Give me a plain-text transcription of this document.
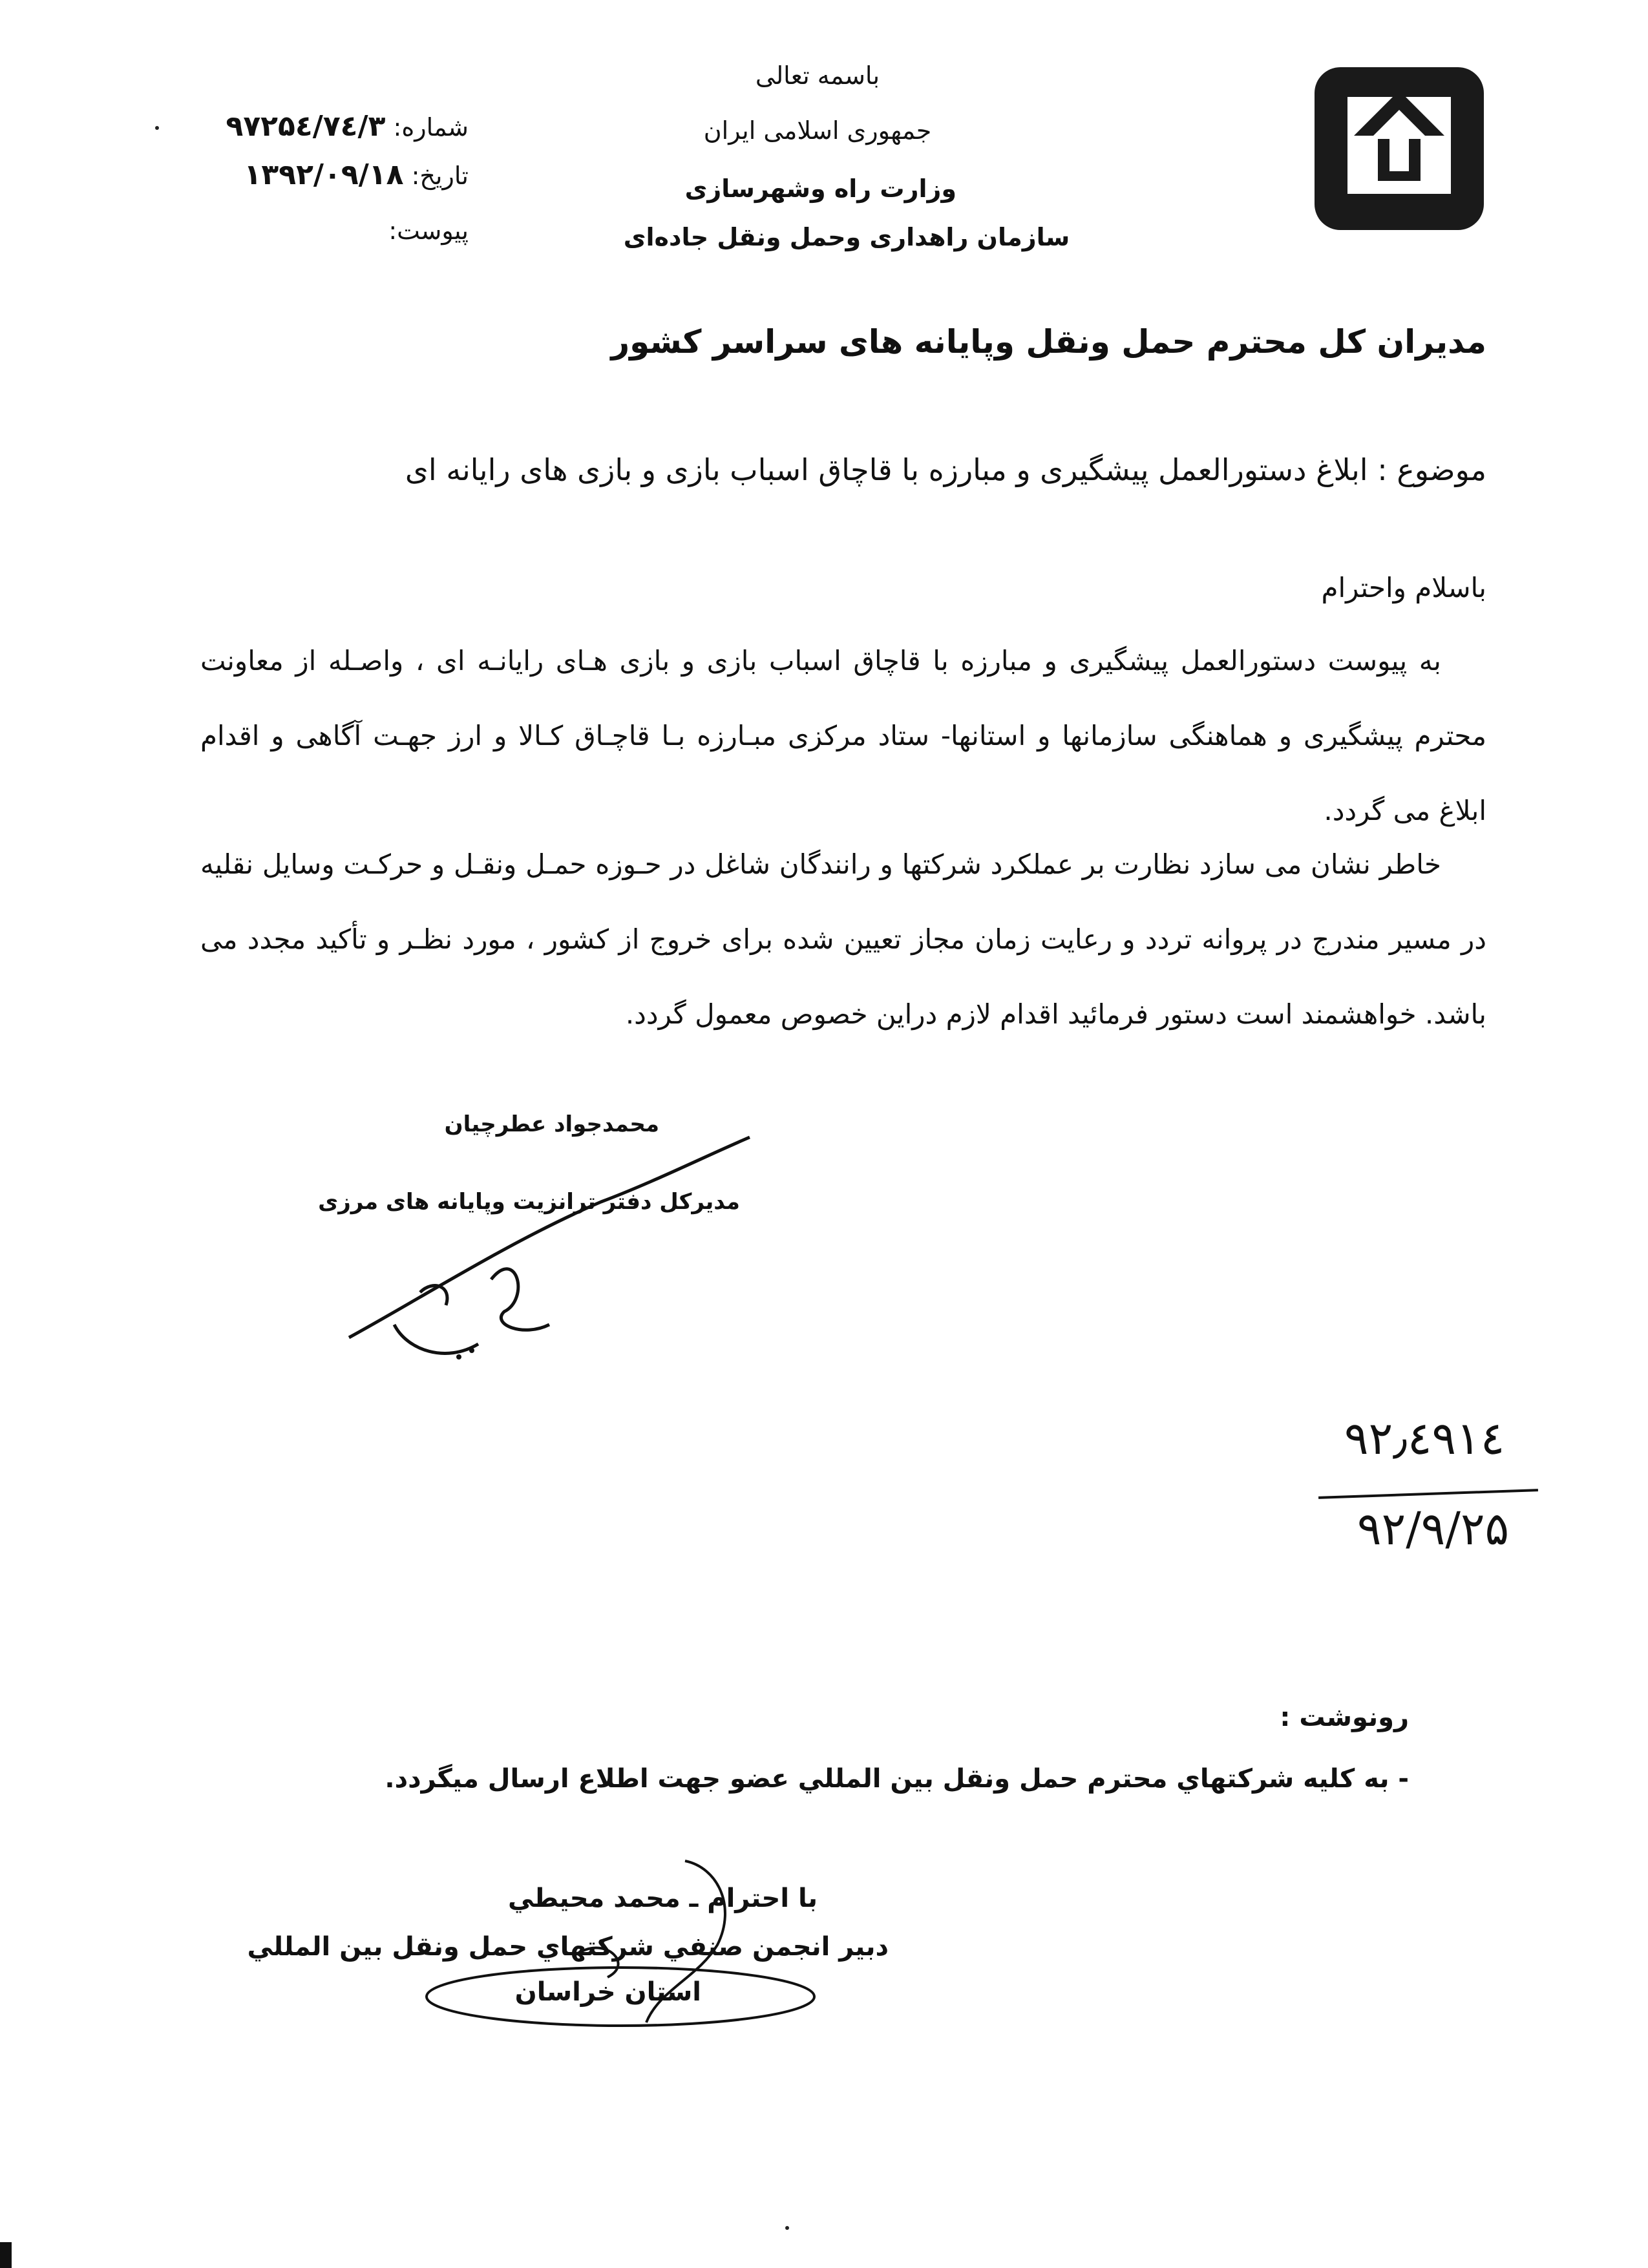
باسمه تعالی
جمهوری اسلامی ایران
وزارت راه وشهرسازی
سازمان راهداری وحمل ونقل جاده‌ای
شماره: ۹۷۲۵٤/۷٤/۳
تاریخ: ۱۳۹۲/۰۹/۱۸
پیوست:
مدیران کل محترم حمل ونقل وپایانه های سراسر کشور
موضوع : ابلاغ دستورالعمل پیشگیری و مبارزه با قاچاق اسباب بازی و بازی های رایانه ای
باسلام واحترام
به پیوست دستورالعمل پیشگیری و مبارزه با قاچاق اسباب بازی و بازی هـای رایانـه ای ، واصـله از معاونت محترم پیشگیری و هماهنگی سازمانها و استانها- ستاد مرکزی مبـارزه بـا قاچـاق کـالا و ارز جهـت آگاهی و اقدام ابلاغ می گردد.
خاطر نشان می سازد نظارت بر عملکرد شرکتها و رانندگان شاغل در حـوزه حمـل ونقـل و حرکـت وسایل نقلیه در مسیر مندرج در پروانه تردد و رعایت زمان مجاز تعیین شده برای خروج از کشور ، مورد نظـر و تأکید مجدد می باشد. خواهشمند است دستور فرمائید اقدام لازم دراین خصوص معمول گردد.
محمدجواد عطرچیان
مدیرکل دفتر ترانزیت وپایانه های مرزی
۹۲٫٤۹۱٤
۹۲/۹/۲۵
رونوشت :
- به كليه شركتهاي محترم حمل ونقل بين المللي عضو جهت اطلاع ارسال ميگردد.
با احترام ـ محمد محيطي
دبير انجمن صنفي شركتهاي حمل ونقل بين المللي
استان خراسان
